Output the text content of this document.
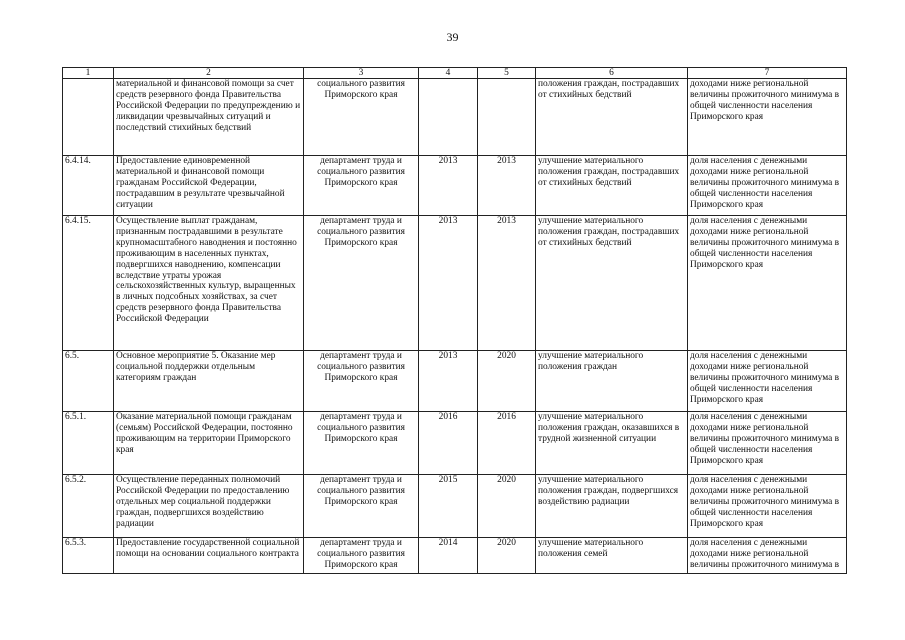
39
1	2	3	4	5	6	7
	материальной и финансовой помощи за счет средств резервного фонда Правительства Российской Федерации по предупреждению и ликвидации чрезвычайных ситуаций и последствий стихийных бедствий	социального развития Приморского края			положения граждан, пострадавших от стихийных бедствий	доходами ниже региональной величины прожиточного минимума в общей численности населения Приморского края
6.4.14.	Предоставление единовременной материальной и финансовой помощи гражданам Российской Федерации, пострадавшим в результате чрезвычайной ситуации	департамент труда и социального развития Приморского края	2013	2013	улучшение материального положения граждан, пострадавших от стихийных бедствий	доля населения с денежными доходами ниже региональной величины прожиточного минимума в общей численности населения Приморского края
6.4.15.	Осуществление выплат гражданам, признанным пострадавшими в результате крупномасштабного наводнения и постоянно проживающим в населенных пунктах, подвергшихся наводнению, компенсации вследствие утраты урожая сельскохозяйственных культур, выращенных в личных подсобных хозяйствах, за счет средств резервного фонда Правительства Российской Федерации	департамент труда и социального развития Приморского края	2013	2013	улучшение материального положения граждан, пострадавших от стихийных бедствий	доля населения с денежными доходами ниже региональной величины прожиточного минимума в общей численности населения Приморского края
6.5.	Основное мероприятие 5. Оказание мер социальной поддержки отдельным категориям граждан	департамент труда и социального развития Приморского края	2013	2020	улучшение материального положения граждан	доля населения с денежными доходами ниже региональной величины прожиточного минимума в общей численности населения Приморского края
6.5.1.	Оказание материальной помощи гражданам (семьям) Российской Федерации, постоянно проживающим на территории Приморского края	департамент труда и социального развития Приморского края	2016	2016	улучшение материального положения граждан, оказавшихся в трудной жизненной ситуации	доля населения с денежными доходами ниже региональной величины прожиточного минимума в общей численности населения Приморского края
6.5.2.	Осуществление переданных полномочий Российской Федерации по предоставлению отдельных мер социальной поддержки граждан, подвергшихся воздействию радиации	департамент труда и социального развития Приморского края	2015	2020	улучшение материального положения граждан, подвергшихся воздействию радиации	доля населения с денежными доходами ниже региональной величины прожиточного минимума в общей численности населения Приморского края
6.5.3.	Предоставление государственной социальной помощи на основании социального контракта	департамент труда и социального развития Приморского края	2014	2020	улучшение материального положения семей	доля населения с денежными доходами ниже региональной величины прожиточного минимума в
